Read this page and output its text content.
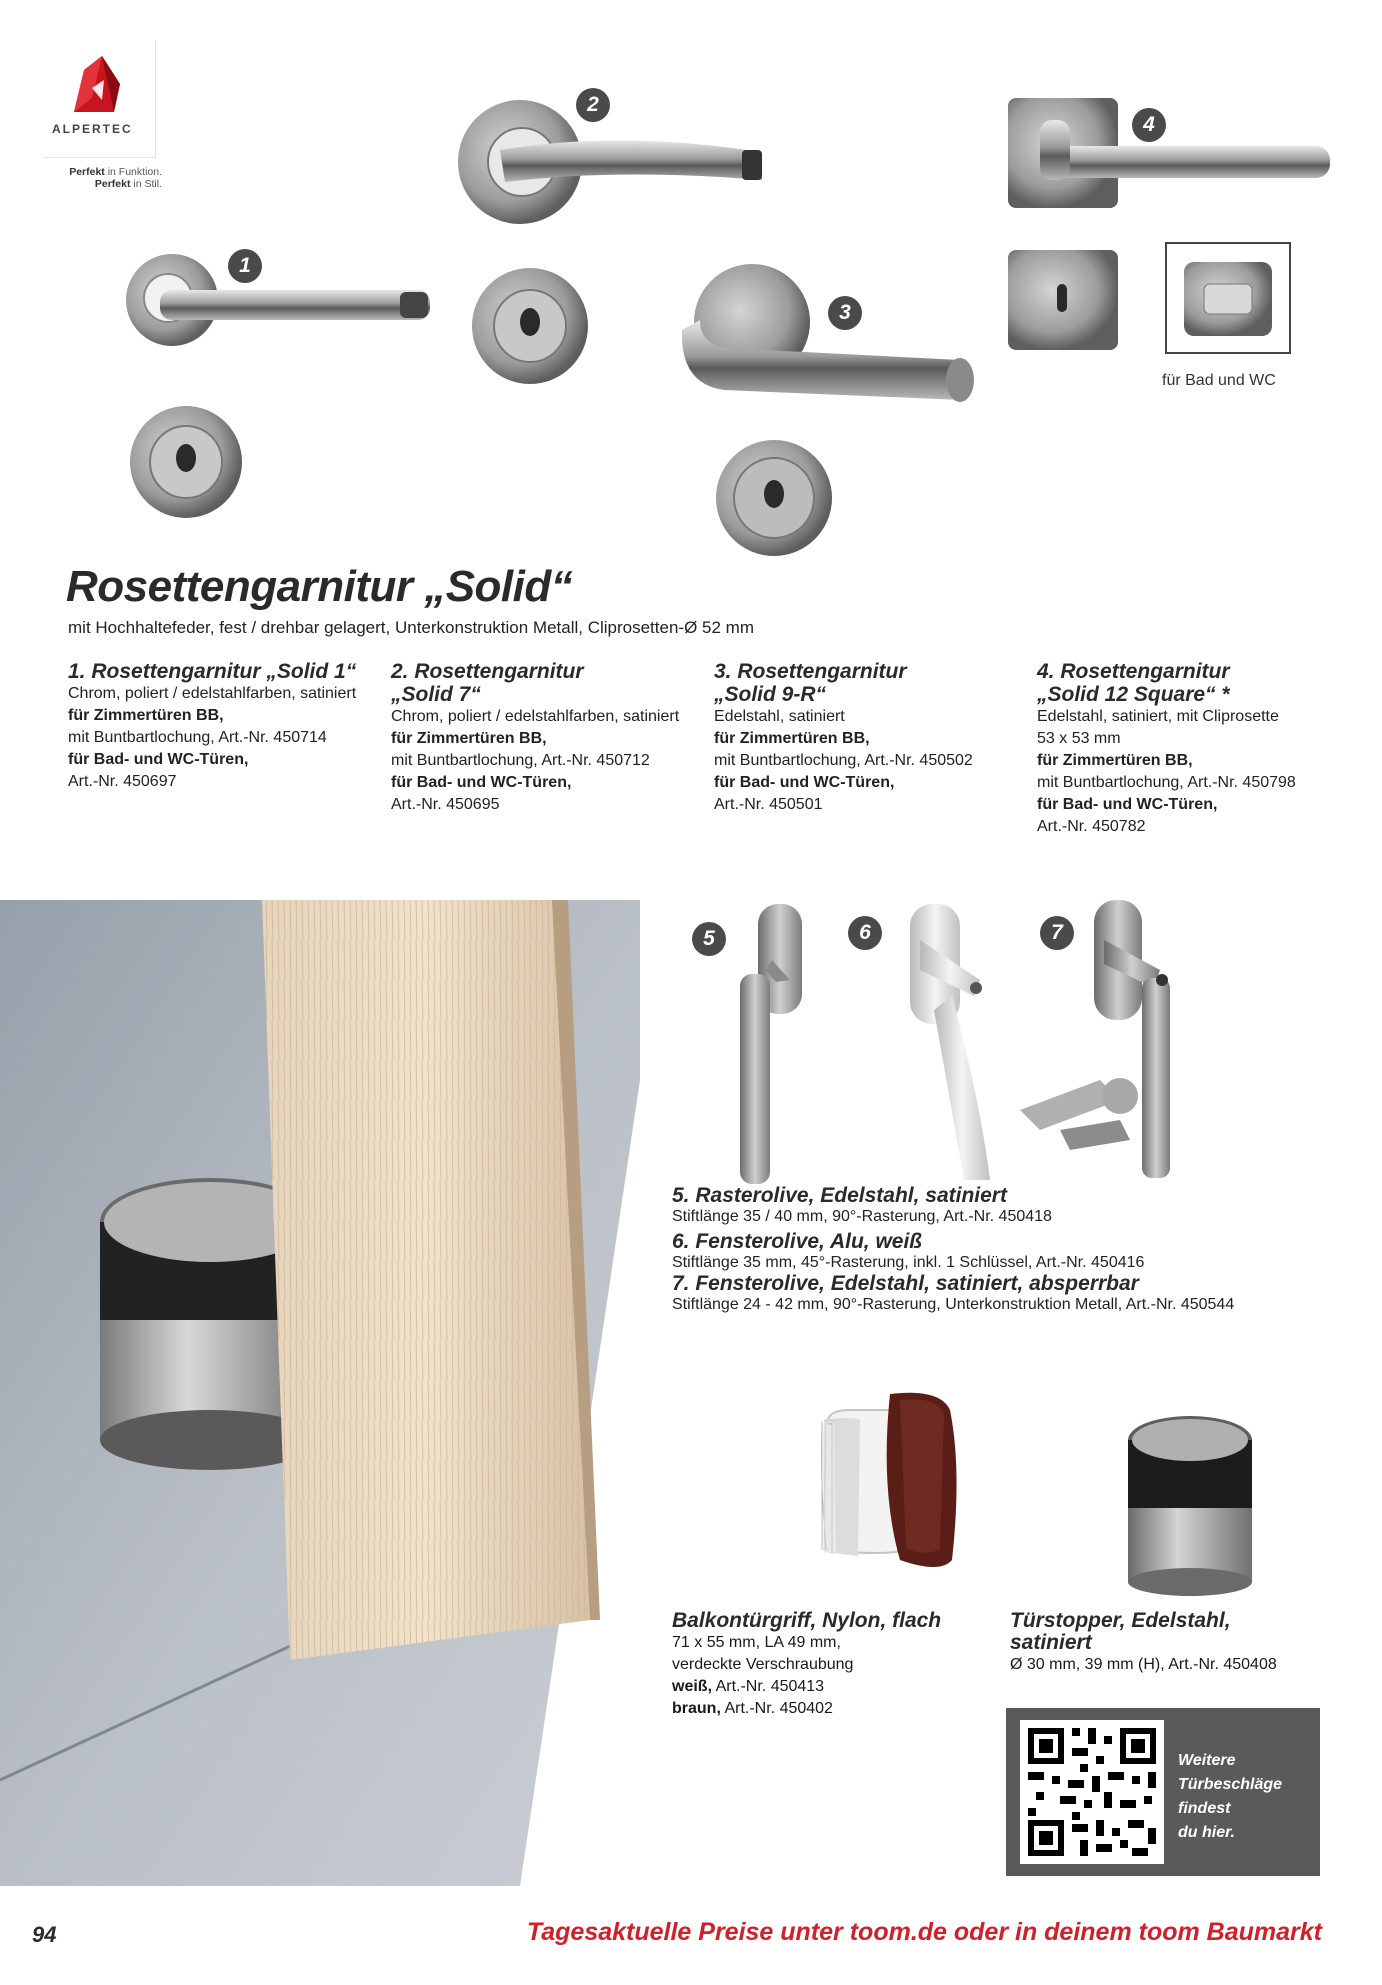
ALPERTEC
Perfekt in Funktion.
Perfekt in Stil.
1
2
3
4
für Bad und WC
Rosettengarnitur „Solid“
mit Hochhaltefeder, fest / drehbar gelagert, Unterkonstruktion Metall, Cliprosetten-Ø 52 mm
1. Rosettengarnitur „Solid 1“
Chrom, poliert / edelstahlfarben, satiniert
für Zimmertüren BB,
mit Buntbartlochung, Art.-Nr. 450714
für Bad- und WC-Türen,
Art.-Nr. 450697
2. Rosettengarnitur „Solid 7“
Chrom, poliert / edelstahlfarben, satiniert
für Zimmertüren BB,
mit Buntbartlochung, Art.-Nr. 450712
für Bad- und WC-Türen,
Art.-Nr. 450695
3. Rosettengarnitur „Solid 9-R“
Edelstahl, satiniert
für Zimmertüren BB,
mit Buntbartlochung, Art.-Nr. 450502
für Bad- und WC-Türen,
Art.-Nr. 450501
4. Rosettengarnitur „Solid 12 Square“ *
Edelstahl, satiniert, mit Cliprosette
53 x 53 mm
für Zimmertüren BB,
mit Buntbartlochung, Art.-Nr. 450798
für Bad- und WC-Türen,
Art.-Nr. 450782
5	6	7
5. Rasterolive, Edelstahl, satiniert
Stiftlänge 35 / 40 mm, 90°-Rasterung, Art.-Nr. 450418
6. Fensterolive, Alu, weiß
Stiftlänge 35 mm, 45°-Rasterung, inkl. 1 Schlüssel, Art.-Nr. 450416
7. Fensterolive, Edelstahl, satiniert, absperrbar
Stiftlänge 24 - 42 mm, 90°-Rasterung, Unterkonstruktion Metall, Art.-Nr. 450544
Balkontürgriff, Nylon, flach
71 x 55 mm, LA 49 mm,
verdeckte Verschraubung
weiß, Art.-Nr. 450413
braun, Art.-Nr. 450402
Türstopper, Edelstahl,
satiniert
Ø 30 mm, 39 mm (H), Art.-Nr. 450408
Weitere
Türbeschläge
findest
du hier.
94	Tagesaktuelle Preise unter toom.de oder in deinem toom Baumarkt
